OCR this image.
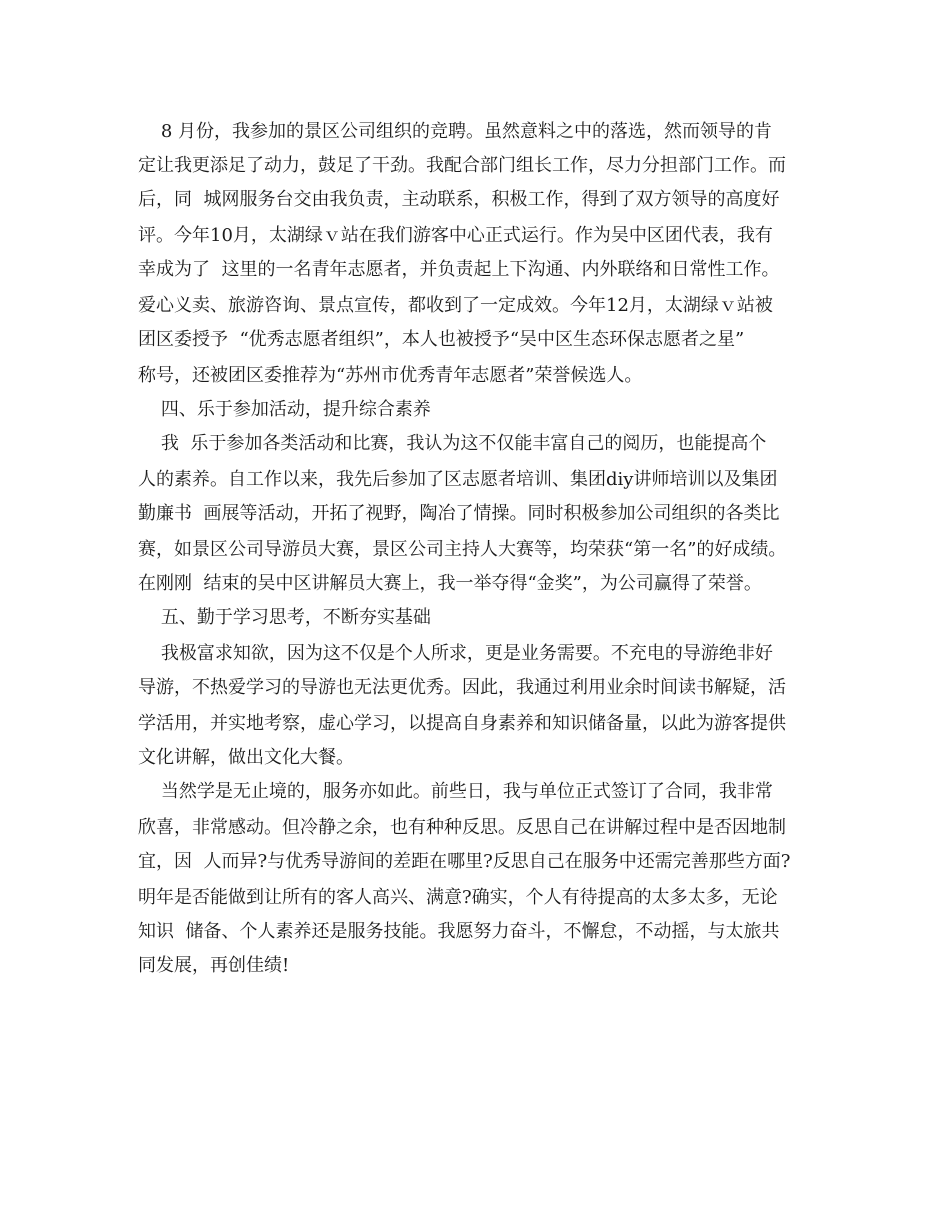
8 月份，我参加的景区公司组织的竞聘。虽然意料之中的落选，然而领导的肯

定让我更添足了动力，鼓足了干劲。我配合部门组长工作，尽力分担部门工作。而

后，同  城网服务台交由我负责，主动联系，积极工作，得到了双方领导的高度好

评。今年10月，太湖绿ｖ站在我们游客中心正式运行。作为吴中区团代表，我有

幸成为了  这里的一名青年志愿者，并负责起上下沟通、内外联络和日常性工作。

爱心义卖、旅游咨询、景点宣传，都收到了一定成效。今年12月，太湖绿ｖ站被

团区委授予  “优秀志愿者组织”，本人也被授予“吴中区生态环保志愿者之星”

称号，还被团区委推荐为“苏州市优秀青年志愿者”荣誉候选人。

四、乐于参加活动，提升综合素养

我  乐于参加各类活动和比赛，我认为这不仅能丰富自己的阅历，也能提高个

人的素养。自工作以来，我先后参加了区志愿者培训、集团diy讲师培训以及集团

勤廉书  画展等活动，开拓了视野，陶冶了情操。同时积极参加公司组织的各类比

赛，如景区公司导游员大赛，景区公司主持人大赛等，均荣获“第一名”的好成绩。

在刚刚  结束的吴中区讲解员大赛上，我一举夺得“金奖”，为公司赢得了荣誉。

五、勤于学习思考，不断夯实基础

我极富求知欲，因为这不仅是个人所求，更是业务需要。不充电的导游绝非好

导游，不热爱学习的导游也无法更优秀。因此，我通过利用业余时间读书解疑，活

学活用，并实地考察，虚心学习，以提高自身素养和知识储备量，以此为游客提供

文化讲解，做出文化大餐。

当然学是无止境的，服务亦如此。前些日，我与单位正式签订了合同，我非常

欣喜，非常感动。但冷静之余，也有种种反思。反思自己在讲解过程中是否因地制

宜，因  人而异?与优秀导游间的差距在哪里?反思自己在服务中还需完善那些方面?

明年是否能做到让所有的客人高兴、满意?确实，个人有待提高的太多太多，无论

知识  储备、个人素养还是服务技能。我愿努力奋斗，不懈怠，不动摇，与太旅共

同发展，再创佳绩!
